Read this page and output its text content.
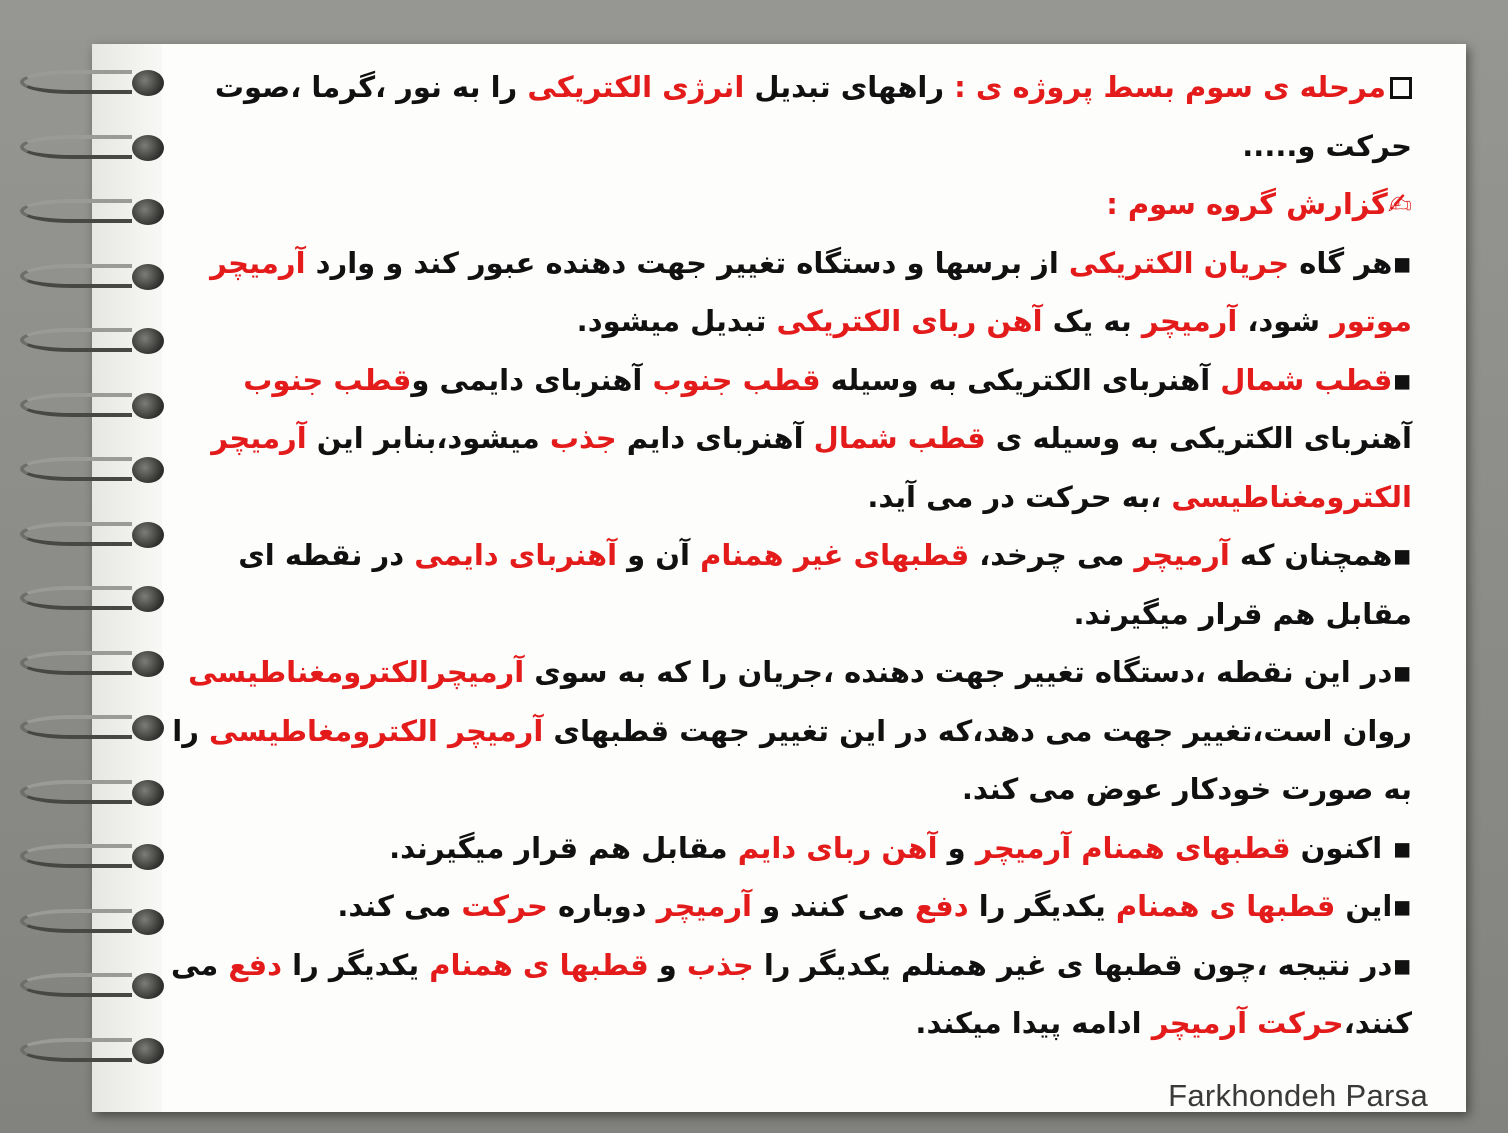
مرحله ی سوم بسط پروژه ی : راههای تبدیل انرژی الکتریکی را به نور ،گرما ،صوت حرکت و.....

✍گزارش گروه سوم :

▪هر گاه جریان الکتریکی از برسها و دستگاه تغییر جهت دهنده عبور کند و وارد آرمیچر موتور شود، آرمیچر به یک آهن ربای الکتریکی تبدیل میشود.

▪قطب شمال آهنربای الکتریکی به وسیله قطب جنوب آهنربای دایمی وقطب جنوب آهنربای الکتریکی به وسیله ی قطب شمال آهنربای دایم جذب میشود،بنابر این آرمیچر الکترومغناطیسی ،به حرکت در می آید.

▪همچنان که آرمیچر می چرخد، قطبهای غیر همنام آن و آهنربای دایمی در نقطه ای مقابل هم قرار میگیرند.

▪در این نقطه ،دستگاه تغییر جهت دهنده ،جریان را که به سوی آرمیچرالکترومغناطیسی روان است،تغییر جهت می دهد،که در این تغییر جهت قطبهای آرمیچر الکترومغاطیسی را به صورت خودکار عوض می کند.

▪ اکنون قطبهای همنام آرمیچر و آهن ربای دایم مقابل هم قرار میگیرند.

▪این قطبها ی همنام یکدیگر را دفع می کنند و آرمیچر دوباره حرکت می کند.

▪در نتیجه ،چون قطبها ی غیر همنلم یکدیگر را جذب و قطبها ی همنام یکدیگر را دفع می کنند،حرکت آرمیچر ادامه پیدا میکند.

Farkhondeh Parsa
